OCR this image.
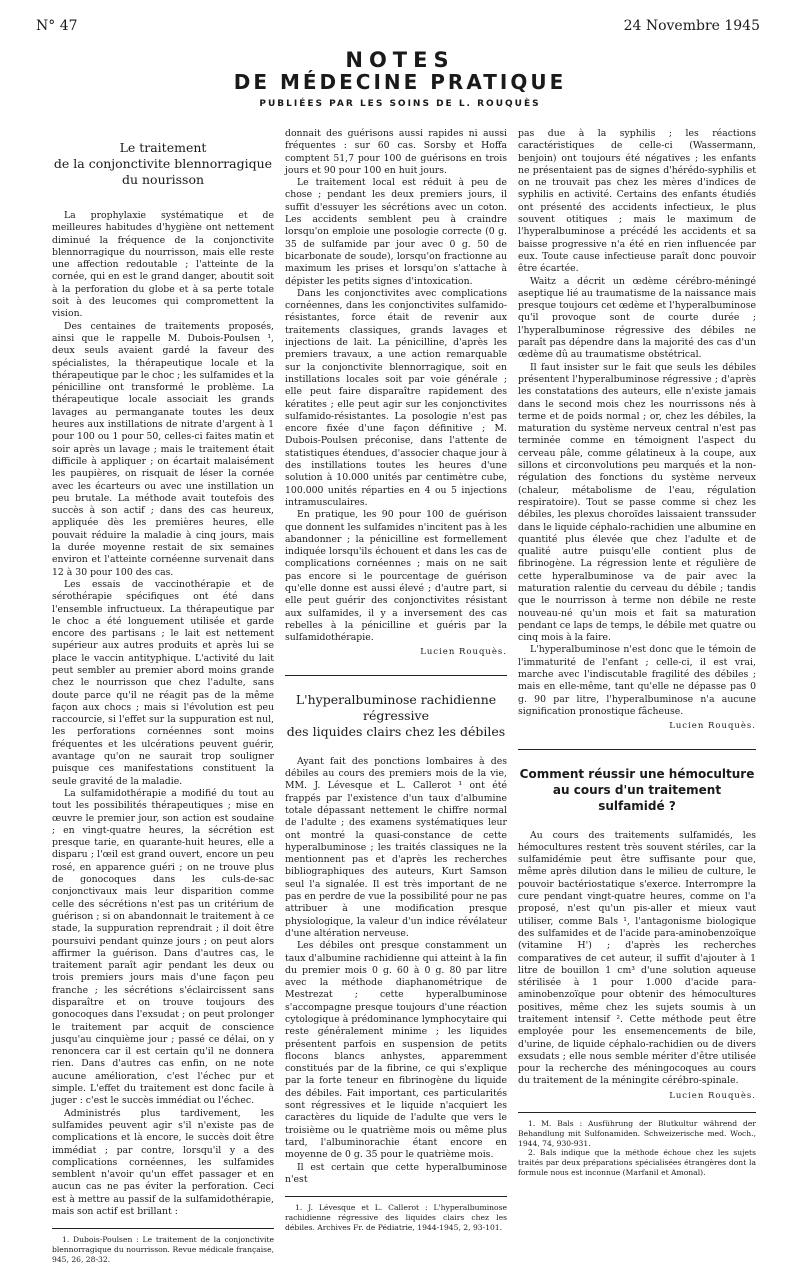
N° 47	24 Novembre 1945
NOTES
DE MÉDECINE PRATIQUE
PUBLIÉES PAR LES SOINS DE L. ROUQUÈS
Le traitement
de la conjonctivite blennorragique
du nourisson

La prophylaxie systématique et de meilleures habitudes d'hygiène ont nettement diminué la fréquence de la conjonctivite blennorragique du nourrisson, mais elle reste une affection redoutable ; l'atteinte de la cornée, qui en est le grand danger, aboutit soit à la perforation du globe et à sa perte totale soit à des leucomes qui compromettent la vision.

Des centaines de traitements proposés, ainsi que le rappelle M. Dubois-Poulsen ¹, deux seuls avaient gardé la faveur des spécialistes, la thérapeutique locale et la thérapeutique par le choc ; les sulfamides et la pénicilline ont transformé le problème. La thérapeutique locale associait les grands lavages au permanganate toutes les deux heures aux instillations de nitrate d'argent à 1 pour 100 ou 1 pour 50, celles-ci faites matin et soir après un lavage ; mais le traitement était difficile à appliquer ; on écartait malaisément les paupières, on risquait de léser la cornée avec les écarteurs ou avec une instillation un peu brutale. La méthode avait toutefois des succès à son actif ; dans des cas heureux, appliquée dès les premières heures, elle pouvait réduire la maladie à cinq jours, mais la durée moyenne restait de six semaines environ et l'atteinte cornéenne survenait dans 12 à 30 pour 100 des cas.

Les essais de vaccinothérapie et de sérothérapie spécifiques ont été dans l'ensemble infructueux. La thérapeutique par le choc a été longuement utilisée et garde encore des partisans ; le lait est nettement supérieur aux autres produits et après lui se place le vaccin antityphique. L'activité du lait peut sembler au premier abord moins grande chez le nourrisson que chez l'adulte, sans doute parce qu'il ne réagit pas de la même façon aux chocs ; mais si l'évolution est peu raccourcie, si l'effet sur la suppuration est nul, les perforations cornéennes sont moins fréquentes et les ulcérations peuvent guérir, avantage qu'on ne saurait trop souligner puisque ces manifestations constituent la seule gravité de la maladie.

La sulfamidothérapie a modifié du tout au tout les possibilités thérapeutiques ; mise en œuvre le premier jour, son action est soudaine ; en vingt-quatre heures, la sécrétion est presque tarie, en quarante-huit heures, elle a disparu ; l'œil est grand ouvert, encore un peu rosé, en apparence guéri ; on ne trouve plus de gonocoques dans les culs-de-sac conjonctivaux mais leur disparition comme celle des sécrétions n'est pas un critérium de guérison ; si on abandonnait le traitement à ce stade, la suppuration reprendrait ; il doit être poursuivi pendant quinze jours ; on peut alors affirmer la guérison. Dans d'autres cas, le traitement paraît agir pendant les deux ou trois premiers jours mais d'une façon peu franche ; les sécrétions s'éclaircissent sans disparaître et on trouve toujours des gonocoques dans l'exsudat ; on peut prolonger le traitement par acquit de conscience jusqu'au cinquième jour ; passé ce délai, on y renoncera car il est certain qu'il ne donnera rien. Dans d'autres cas enfin, on ne note aucune amélioration, c'est l'échec pur et simple. L'effet du traitement est donc facile à juger : c'est le succès immédiat ou l'échec.

Administrés plus tardivement, les sulfamides peuvent agir s'il n'existe pas de complications et là encore, le succès doit être immédiat ; par contre, lorsqu'il y a des complications cornéennes, les sulfamides semblent n'avoir qu'un effet passager et en aucun cas ne pas éviter la perforation. Ceci est à mettre au passif de la sulfamidothérapie, mais son actif est brillant :

1. Dubois-Poulsen : Le traitement de la conjonctivite blennorragique du nourrisson. Revue médicale française, 945, 26, 28-32.

donnait des guérisons aussi rapides ni aussi fréquentes : sur 60 cas. Sorsby et Hoffa comptent 51,7 pour 100 de guérisons en trois jours et 90 pour 100 en huit jours.

Le traitement local est réduit à peu de chose ; pendant les deux premiers jours, il suffit d'essuyer les sécrétions avec un coton. Les accidents semblent peu à craindre lorsqu'on emploie une posologie correcte (0 g. 35 de sulfamide par jour avec 0 g. 50 de bicarbonate de soude), lorsqu'on fractionne au maximum les prises et lorsqu'on s'attache à dépister les petits signes d'intoxication.

Dans les conjonctivites avec complications cornéennes, dans les conjonctivites sulfamido-résistantes, force était de revenir aux traitements classiques, grands lavages et injections de lait. La pénicilline, d'après les premiers travaux, a une action remarquable sur la conjonctivite blennorragique, soit en instillations locales soit par voie générale ; elle peut faire disparaître rapidement des kératites ; elle peut agir sur les conjonctivites sulfamido-résistantes. La posologie n'est pas encore fixée d'une façon définitive ; M. Dubois-Poulsen préconise, dans l'attente de statistiques étendues, d'associer chaque jour à des instillations toutes les heures d'une solution à 10.000 unités par centimètre cube, 100.000 unités réparties en 4 ou 5 injections intramusculaires.

En pratique, les 90 pour 100 de guérison que donnent les sulfamides n'incitent pas à les abandonner ; la pénicilline est formellement indiquée lorsqu'ils échouent et dans les cas de complications cornéennes ; mais on ne sait pas encore si le pourcentage de guérison qu'elle donne est aussi élevé ; d'autre part, si elle peut guérir des conjonctivites résistant aux sulfamides, il y a inversement des cas rebelles à la pénicilline et guéris par la sulfamidothérapie.

Lucien Rouquès.
L'hyperalbuminose rachidienne
régressive
des liquides clairs chez les débiles

Ayant fait des ponctions lombaires à des débiles au cours des premiers mois de la vie, MM. J. Lévesque et L. Callerot ¹ ont été frappés par l'existence d'un taux d'albumine totale dépassant nettement le chiffre normal de l'adulte ; des examens systématiques leur ont montré la quasi-constance de cette hyperalbuminose ; les traités classiques ne la mentionnent pas et d'après les recherches bibliographiques des auteurs, Kurt Samson seul l'a signalée. Il est très important de ne pas en perdre de vue la possibilité pour ne pas attribuer à une modification presque physiologique, la valeur d'un indice révélateur d'une altération nerveuse.

Les débiles ont presque constamment un taux d'albumine rachidienne qui atteint à la fin du premier mois 0 g. 60 à 0 g. 80 par litre avec la méthode diaphanométrique de Mestrezat ; cette hyperalbuminose s'accompagne presque toujours d'une réaction cytologique à prédominance lymphocytaire qui reste généralement minime ; les liquides présentent parfois en suspension de petits flocons blancs anhystes, apparemment constitués par de la fibrine, ce qui s'explique par la forte teneur en fibrinogène du liquide des débiles. Fait important, ces particularités sont régressives et le liquide n'acquiert les caractères du liquide de l'adulte que vers le troisième ou le quatrième mois ou même plus tard, l'albuminorachie étant encore en moyenne de 0 g. 35 pour le quatrième mois.

Il est certain que cette hyperalbuminose n'est

1. J. Lévesque et L. Callerot : L'hyperalbuminose rachidienne régressive des liquides clairs chez les débiles. Archives Fr. de Pédiatrie, 1944-1945, 2, 93-101.

pas due à la syphilis ; les réactions caractéristiques de celle-ci (Wassermann, benjoin) ont toujours été négatives ; les enfants ne présentaient pas de signes d'hérédo-syphilis et on ne trouvait pas chez les mères d'indices de syphilis en activité. Certains des enfants étudiés ont présenté des accidents infectieux, le plus souvent otitiques ; mais le maximum de l'hyperalbuminose a précédé les accidents et sa baisse progressive n'a été en rien influencée par eux. Toute cause infectieuse paraît donc pouvoir être écartée.

Waitz a décrit un œdème cérébro-méningé aseptique lié au traumatisme de la naissance mais presque toujours cet œdème et l'hyperalbuminose qu'il provoque sont de courte durée ; l'hyperalbuminose régressive des débiles ne paraît pas dépendre dans la majorité des cas d'un œdème dû au traumatisme obstétrical.

Il faut insister sur le fait que seuls les débiles présentent l'hyperalbuminose régressive ; d'après les constatations des auteurs, elle n'existe jamais dans le second mois chez les nourrissons nés à terme et de poids normal ; or, chez les débiles, la maturation du système nerveux central n'est pas terminée comme en témoignent l'aspect du cerveau pâle, comme gélatineux à la coupe, aux sillons et circonvolutions peu marqués et la non-régulation des fonctions du système nerveux (chaleur, métabolisme de l'eau, régulation respiratoire). Tout se passe comme si chez les débiles, les plexus choroïdes laissaient transsuder dans le liquide céphalo-rachidien une albumine en quantité plus élevée que chez l'adulte et de qualité autre puisqu'elle contient plus de fibrinogène. La régression lente et régulière de cette hyperalbuminose va de pair avec la maturation ralentie du cerveau du débile ; tandis que le nourrisson à terme non débile ne reste nouveau-né qu'un mois et fait sa maturation pendant ce laps de temps, le débile met quatre ou cinq mois à la faire.

L'hyperalbuminose n'est donc que le témoin de l'immaturité de l'enfant ; celle-ci, il est vrai, marche avec l'indiscutable fragilité des débiles ; mais en elle-même, tant qu'elle ne dépasse pas 0 g. 90 par litre, l'hyperalbuminose n'a aucune signification pronostique fâcheuse.

Lucien Rouquès.
Comment réussir une hémoculture
au cours d'un traitement sulfamidé ?

Au cours des traitements sulfamidés, les hémocultures restent très souvent stériles, car la sulfamidémie peut être suffisante pour que, même après dilution dans le milieu de culture, le pouvoir bactériostatique s'exerce. Interrompre la cure pendant vingt-quatre heures, comme on l'a proposé, n'est qu'un pis-aller et mieux vaut utiliser, comme Bals ¹, l'antagonisme biologique des sulfamides et de l'acide para-aminobenzoïque (vitamine H') ; d'après les recherches comparatives de cet auteur, il suffit d'ajouter à 1 litre de bouillon 1 cm³ d'une solution aqueuse stérilisée à 1 pour 1.000 d'acide para-aminobenzoïque pour obtenir des hémocultures positives, même chez les sujets soumis à un traitement intensif ². Cette méthode peut être employée pour les ensemencements de bile, d'urine, de liquide céphalo-rachidien ou de divers exsudats ; elle nous semble mériter d'être utilisée pour la recherche des méningocoques au cours du traitement de la méningite cérébro-spinale.

Lucien Rouquès.
1. M. Bals : Ausführung der Blutkultur während der Behandlung mit Sulfonamiden. Schweizerische med. Woch., 1944, 74, 930-931.
2. Bals indique que la méthode échoue chez les sujets traités par deux préparations spécialisées étrangères dont la formule nous est inconnue (Marfanil et Amonal).
